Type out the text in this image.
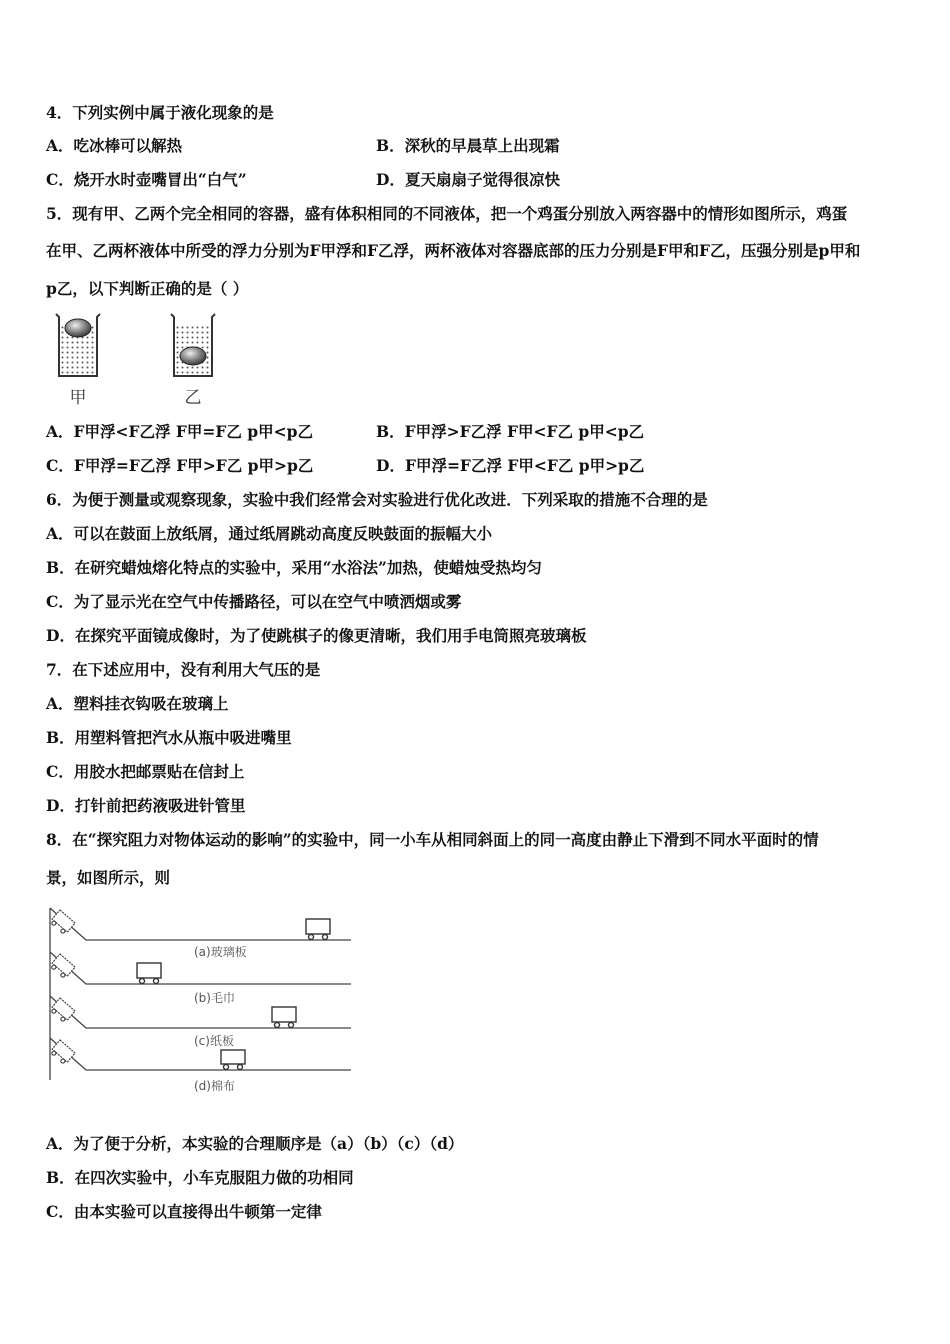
4．下列实例中属于液化现象的是
A．吃冰棒可以解热	B．深秋的早晨草上出现霜
C．烧开水时壶嘴冒出“白气”	D．夏天扇扇子觉得很凉快
5．现有甲、乙两个完全相同的容器，盛有体积相同的不同液体，把一个鸡蛋分别放入两容器中的情形如图所示，鸡蛋
在甲、乙两杯液体中所受的浮力分别为F甲浮和F乙浮，两杯液体对容器底部的压力分别是F甲和F乙，压强分别是p甲和
p乙，以下判断正确的是（ ）
甲	乙
A．F甲浮<F乙浮 F甲=F乙 p甲<p乙	B．F甲浮>F乙浮 F甲<F乙 p甲<p乙
C．F甲浮=F乙浮 F甲>F乙 p甲>p乙	D．F甲浮=F乙浮 F甲<F乙 p甲>p乙
6．为便于测量或观察现象，实验中我们经常会对实验进行优化改进．下列采取的措施不合理的是
A．可以在鼓面上放纸屑，通过纸屑跳动高度反映鼓面的振幅大小
B．在研究蜡烛熔化特点的实验中，采用“水浴法”加热，使蜡烛受热均匀
C．为了显示光在空气中传播路径，可以在空气中喷洒烟或雾
D．在探究平面镜成像时，为了使跳棋子的像更清晰，我们用手电筒照亮玻璃板
7．在下述应用中，没有利用大气压的是
A．塑料挂衣钩吸在玻璃上
B．用塑料管把汽水从瓶中吸进嘴里
C．用胶水把邮票贴在信封上
D．打针前把药液吸进针管里
8．在“探究阻力对物体运动的影响”的实验中，同一小车从相同斜面上的同一高度由静止下滑到不同水平面时的情
景，如图所示，则
(a)玻璃板
(b)毛巾
(c)纸板
(d)棉布
A．为了便于分析，本实验的合理顺序是（a）（b）（c）（d）
B．在四次实验中，小车克服阻力做的功相同
C．由本实验可以直接得出牛顿第一定律
